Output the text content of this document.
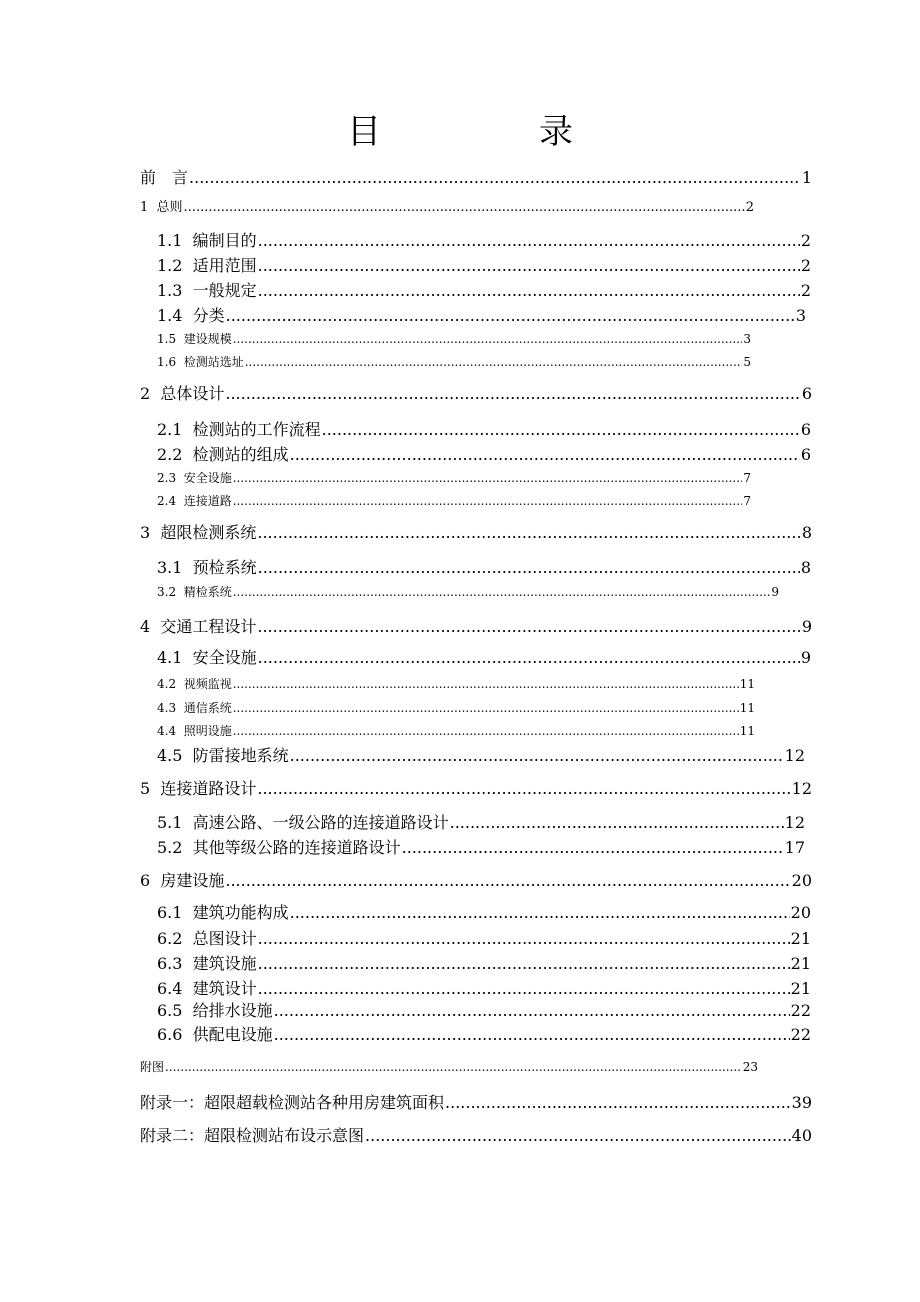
目　录
前　言 .....	1
1  总则 .....	2
1.1  编制目的 .....	2
1.2  适用范围 .....	2
1.3  一般规定 .....	2
1.4  分类 .....	3
1.5  建设规模 .....	3
1.6  检测站选址 .....	5
2  总体设计 .....	6
2.1  检测站的工作流程 .....	6
2.2  检测站的组成 .....	6
2.3  安全设施 .....	7
2.4  连接道路 .....	7
3  超限检测系统 .....	8
3.1  预检系统 .....	8
3.2  精检系统 .....	9
4  交通工程设计 .....	9
4.1  安全设施 .....	9
4.2  视频监视 .....	11
4.3  通信系统 .....	11
4.4  照明设施 .....	11
4.5  防雷接地系统 .....	12
5  连接道路设计 .....	12
5.1  高速公路、一级公路的连接道路设计 .....	12
5.2  其他等级公路的连接道路设计 .....	17
6  房建设施 .....	20
6.1  建筑功能构成 .....	20
6.2  总图设计 .....	21
6.3  建筑设施 .....	21
6.4  建筑设计 .....	21
6.5  给排水设施 .....	22
6.6  供配电设施 .....	22
附图 .....	23
附录一：超限超载检测站各种用房建筑面积 .....	39
附录二：超限检测站布设示意图 .....	40
